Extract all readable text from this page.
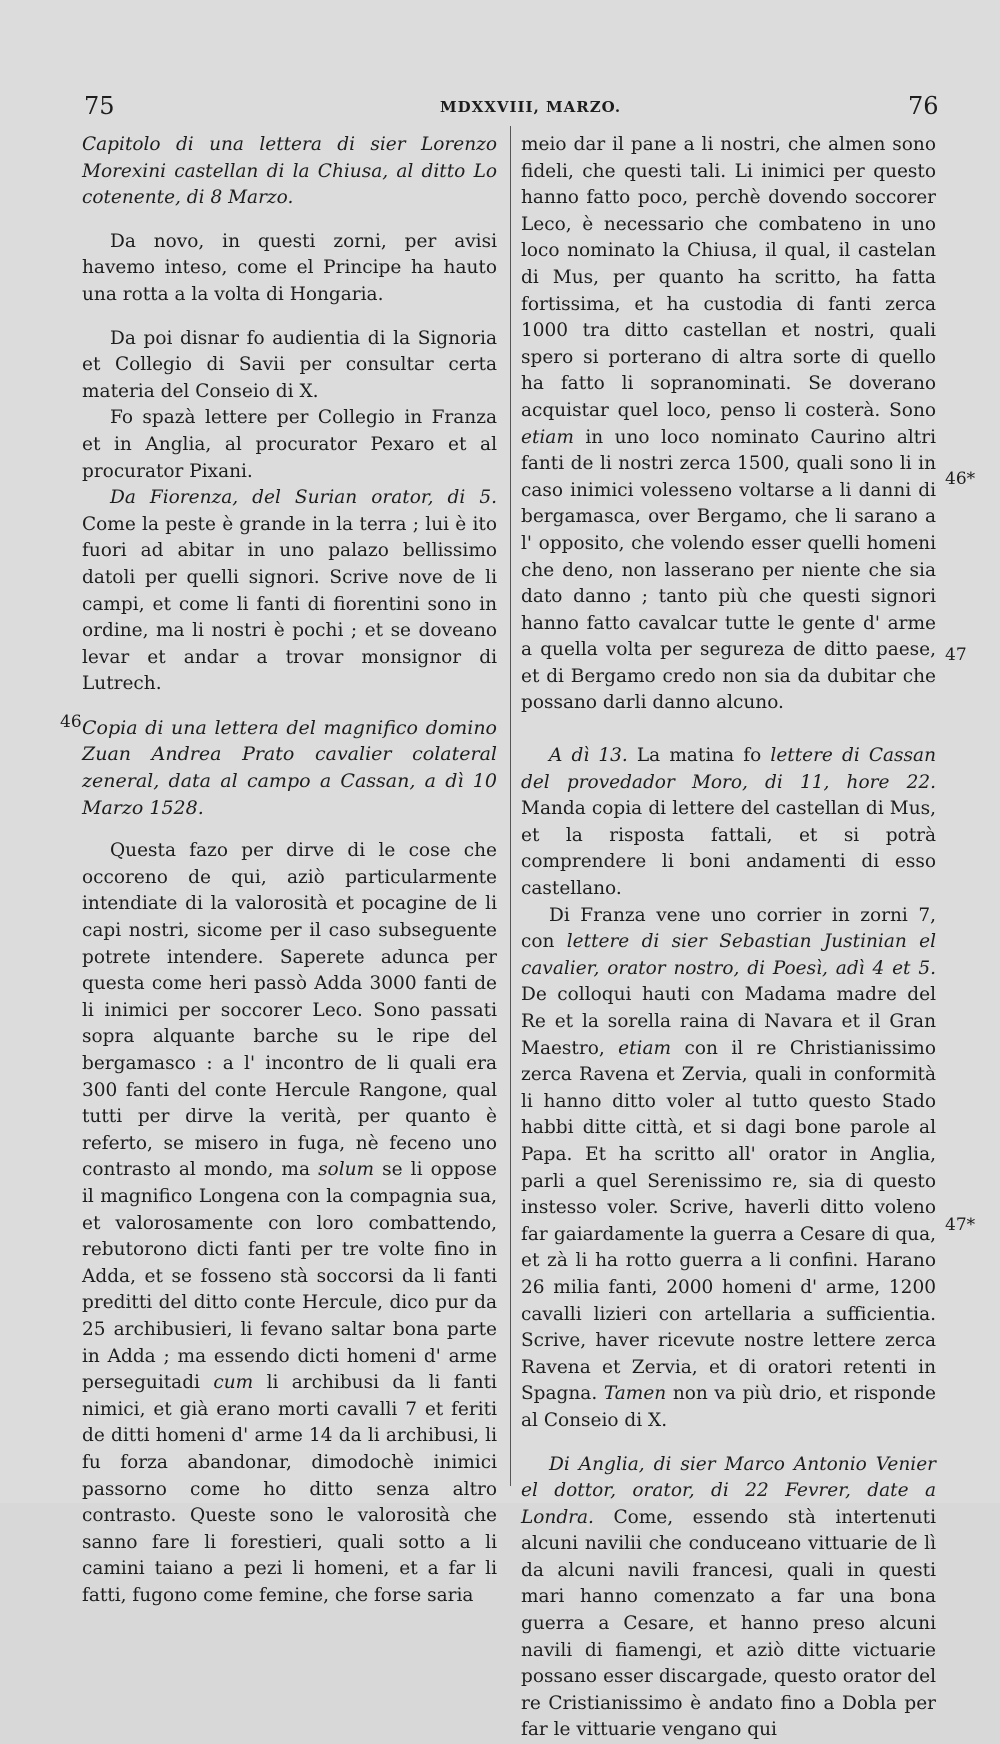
75	MDXXVIII, MARZO.	76
46
46*
47
47*

Capitolo di una lettera di sier Lorenzo Morexini castellan di la Chiusa, al ditto Lo cotenente, di 8 Marzo.

Da novo, in questi zorni, per avisi havemo inteso, come el Principe ha hauto una rotta a la volta di Hongaria.

Da poi disnar fo audientia di la Signoria et Collegio di Savii per consultar certa materia del Conseio di X.

Fo spazà lettere per Collegio in Franza et in Anglia, al procurator Pexaro et al procurator Pixani.

Da Fiorenza, del Surian orator, di 5. Come la peste è grande in la terra ; lui è ito fuori ad abitar in uno palazo bellissimo datoli per quelli signori. Scrive nove de li campi, et come li fanti di fiorentini sono in ordine, ma li nostri è pochi ; et se doveano levar et andar a trovar monsignor di Lutrech.

Copia di una lettera del magnifico domino Zuan Andrea Prato cavalier colateral zeneral, data al campo a Cassan, a dì 10 Marzo 1528.

Questa fazo per dirve di le cose che occoreno de qui, aziò particularmente intendiate di la valorosità et pocagine de li capi nostri, sicome per il caso subseguente potrete intendere. Saperete adunca per questa come heri passò Adda 3000 fanti de li inimici per soccorer Leco. Sono passati sopra alquante barche su le ripe del bergamasco : a l' incontro de li quali era 300 fanti del conte Hercule Rangone, qual tutti per dirve la verità, per quanto è referto, se misero in fuga, nè feceno uno contrasto al mondo, ma solum se li oppose il magnifico Longena con la compagnia sua, et valorosamente con loro combattendo, rebutorono dicti fanti per tre volte fino in Adda, et se fosseno stà soccorsi da li fanti preditti del ditto conte Hercule, dico pur da 25 archibusieri, li fevano saltar bona parte in Adda ; ma essendo dicti homeni d' arme perseguitadi cum li archibusi da li fanti nimici, et già erano morti cavalli 7 et feriti de ditti homeni d' arme 14 da li archibusi, li fu forza abandonar, dimodochè inimici passorno come ho ditto senza altro contrasto. Queste sono le valorosità che sanno fare li forestieri, quali sotto a li camini taiano a pezi li homeni, et a far li fatti, fugono come femine, che forse saria

meio dar il pane a li nostri, che almen sono fideli, che questi tali. Li inimici per questo hanno fatto poco, perchè dovendo soccorer Leco, è necessario che combateno in uno loco nominato la Chiusa, il qual, il castelan di Mus, per quanto ha scritto, ha fatta fortissima, et ha custodia di fanti zerca 1000 tra ditto castellan et nostri, quali spero si porterano di altra sorte di quello ha fatto li sopranominati. Se doverano acquistar quel loco, penso li costerà. Sono etiam in uno loco nominato Caurino altri fanti de li nostri zerca 1500, quali sono li in caso inimici volesseno voltarse a li danni di bergamasca, over Bergamo, che li sarano a l' opposito, che volendo esser quelli homeni che deno, non lasserano per niente che sia dato danno ; tanto più che questi signori hanno fatto cavalcar tutte le gente d' arme a quella volta per segureza de ditto paese, et di Bergamo credo non sia da dubitar che possano darli danno alcuno.

A dì 13. La matina fo lettere di Cassan del provedador Moro, di 11, hore 22. Manda copia di lettere del castellan di Mus, et la risposta fattali, et si potrà comprendere li boni andamenti di esso castellano.

Di Franza vene uno corrier in zorni 7, con lettere di sier Sebastian Justinian el cavalier, orator nostro, di Poesì, adì 4 et 5. De colloqui hauti con Madama madre del Re et la sorella raina di Navara et il Gran Maestro, etiam con il re Christianissimo zerca Ravena et Zervia, quali in conformità li hanno ditto voler al tutto questo Stado habbi ditte città, et si dagi bone parole al Papa. Et ha scritto all' orator in Anglia, parli a quel Serenissimo re, sia di questo instesso voler. Scrive, haverli ditto voleno far gaiardamente la guerra a Cesare di qua, et zà li ha rotto guerra a li confini. Harano 26 milia fanti, 2000 homeni d' arme, 1200 cavalli lizieri con artellaria a sufficientia. Scrive, haver ricevute nostre lettere zerca Ravena et Zervia, et di oratori retenti in Spagna. Tamen non va più drio, et risponde al Conseio di X.

Di Anglia, di sier Marco Antonio Venier el dottor, orator, di 22 Fevrer, date a Londra. Come, essendo stà intertenuti alcuni navilii che conduceano vittuarie de lì da alcuni navili francesi, quali in questi mari hanno comenzato a far una bona guerra a Cesare, et hanno preso alcuni navili di fiamengi, et aziò ditte victuarie possano esser discargade, questo orator del re Cristianissimo è andato fino a Dobla per far le vittuarie vengano qui
